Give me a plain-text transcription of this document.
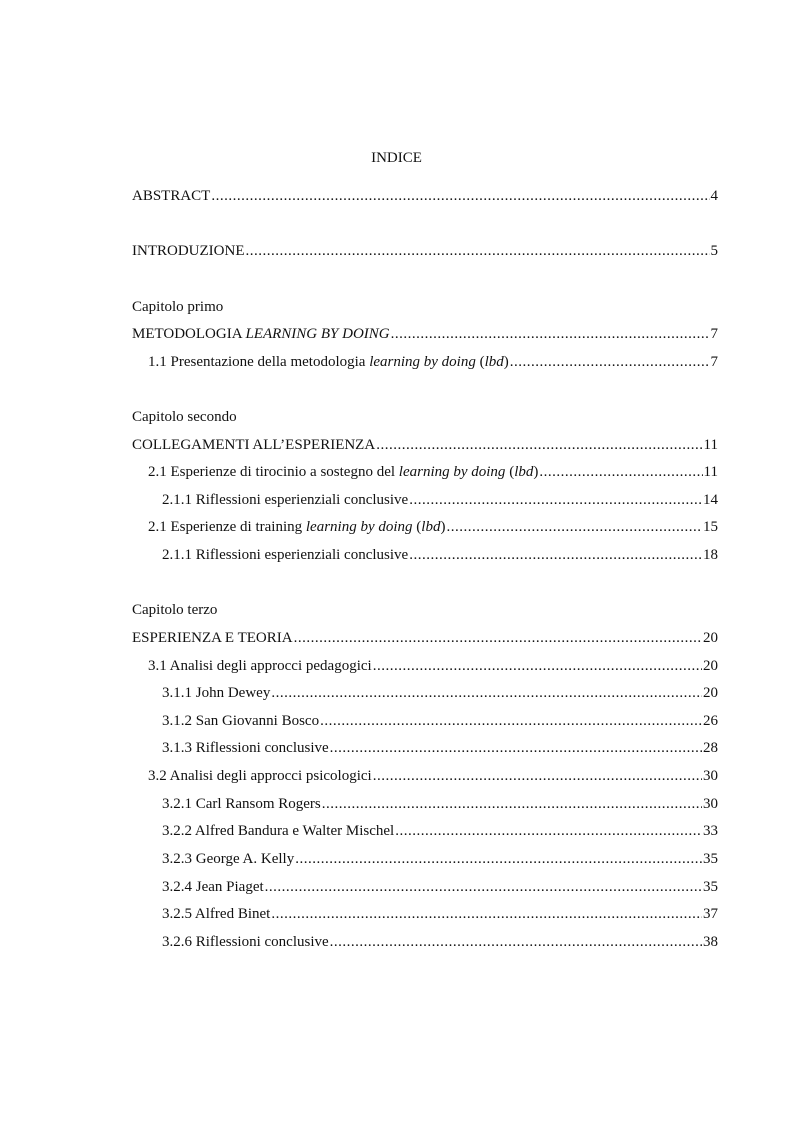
INDICE
ABSTRACT .....	4
INTRODUZIONE .....	5
Capitolo primo
METODOLOGIA LEARNING BY DOING .....	7
1.1 Presentazione della metodologia learning by doing (lbd) .....	7
Capitolo secondo
COLLEGAMENTI ALL’ESPERIENZA .....	11
2.1 Esperienze di tirocinio a sostegno del learning by doing (lbd) .....	11
2.1.1 Riflessioni esperienziali conclusive .....	14
2.1 Esperienze di training learning by doing (lbd) .....	15
2.1.1 Riflessioni esperienziali conclusive .....	18
Capitolo terzo
ESPERIENZA E TEORIA .....	20
3.1 Analisi degli approcci pedagogici .....	20
3.1.1 John Dewey .....	20
3.1.2 San Giovanni Bosco .....	26
3.1.3 Riflessioni conclusive .....	28
3.2 Analisi degli approcci psicologici .....	30
3.2.1 Carl Ransom Rogers .....	30
3.2.2 Alfred Bandura e Walter Mischel .....	33
3.2.3 George A. Kelly .....	35
3.2.4 Jean Piaget .....	35
3.2.5 Alfred Binet .....	37
3.2.6 Riflessioni conclusive .....	38
